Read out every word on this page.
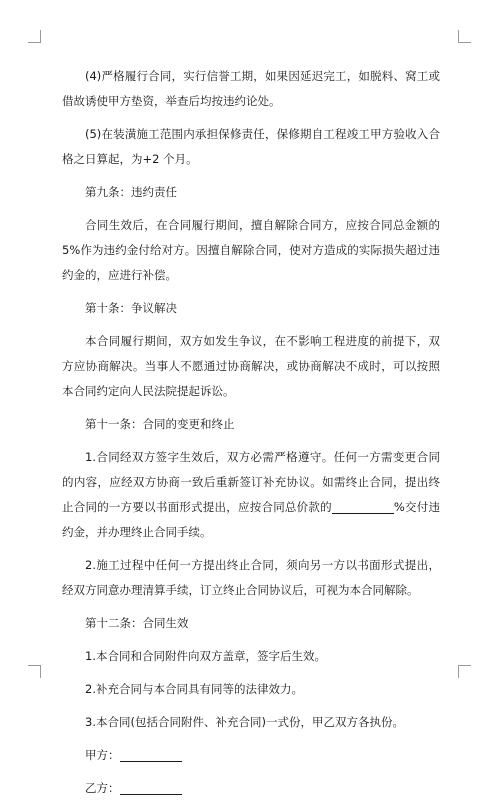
(4)严格履行合同，实行信誉工期，如果因延迟完工，如脱料、窝工或借故诱使甲方垫资，举查后均按违约论处。

(5)在装潢施工范围内承担保修责任，保修期自工程竣工甲方验收入合格之日算起，为+2 个月。

第九条：违约责任

合同生效后，在合同履行期间，擅自解除合同方，应按合同总金额的 5%作为违约金付给对方。因擅自解除合同，使对方造成的实际损失超过违约金的，应进行补偿。

第十条：争议解决

本合同履行期间，双方如发生争议，在不影响工程进度的前提下，双方应协商解决。当事人不愿通过协商解决，或协商解决不成时，可以按照本合同约定向人民法院提起诉讼。

第十一条：合同的变更和终止

1.合同经双方签字生效后，双方必需严格遵守。任何一方需变更合同的内容，应经双方协商一致后重新签订补充协议。如需终止合同，提出终止合同的一方要以书面形式提出，应按合同总价款的	%交付违约金，并办理终止合同手续。

2.施工过程中任何一方提出终止合同，须向另一方以书面形式提出，经双方同意办理清算手续，订立终止合同协议后，可视为本合同解除。

第十二条：合同生效

1.本合同和合同附件向双方盖章，签字后生效。

2.补充合同与本合同具有同等的法律效力。

3.本合同(包括合同附件、补充合同)一式份，甲乙双方各执份。

甲方：

乙方：
